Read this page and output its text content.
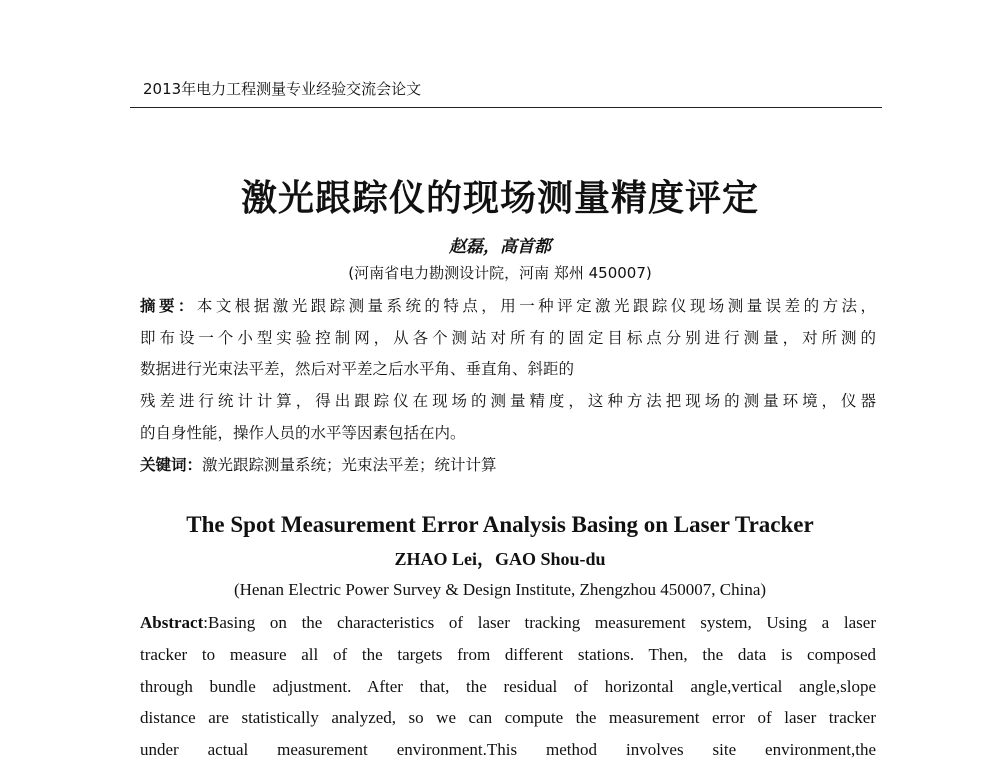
2013年电力工程测量专业经验交流会论文
激光跟踪仪的现场测量精度评定
赵磊，高首都
(河南省电力勘测设计院，河南 郑州 450007)
摘要：本文根据激光跟踪测量系统的特点，用一种评定激光跟踪仪现场测量误差的方法，
即布设一个小型实验控制网，从各个测站对所有的固定目标点分别进行测量，对所测的
数据进行光束法平差，然后对平差之后水平角、垂直角、斜距的
残差进行统计计算，得出跟踪仪在现场的测量精度，这种方法把现场的测量环境，仪器
的自身性能，操作人员的水平等因素包括在内。
关键词：激光跟踪测量系统；光束法平差；统计计算
The Spot Measurement Error Analysis Basing on Laser Tracker
ZHAO Lei，GAO Shou-du
(Henan Electric Power Survey & Design Institute, Zhengzhou 450007, China)
Abstract:Basing on the characteristics of laser tracking measurement system, Using a laser
tracker to measure all of the targets from different stations. Then, the data is composed
through bundle adjustment. After that, the residual of horizontal angle,vertical angle,slope
distance are statistically analyzed, so we can compute the measurement error of laser tracker
under actual measurement environment.This method involves site environment,the
